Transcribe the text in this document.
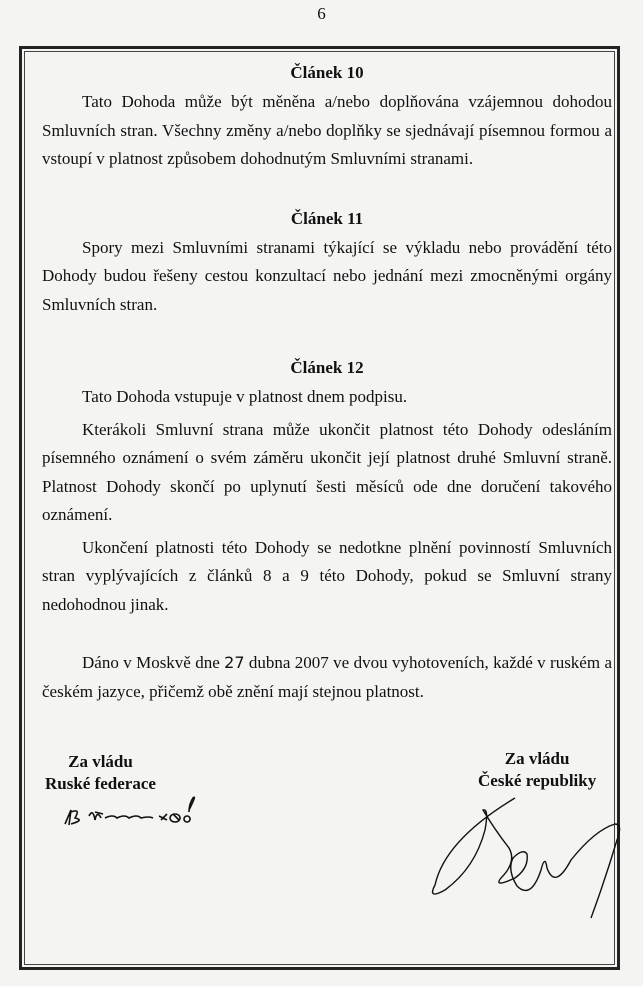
6
Článek 10

Tato Dohoda může být měněna a/nebo doplňována vzájemnou dohodou Smluvních stran. Všechny změny a/nebo doplňky se sjednávají písemnou formou a vstoupí v platnost způsobem dohodnutým Smluvními stranami.

Článek 11

Spory mezi Smluvními stranami týkající se výkladu nebo provádění této Dohody budou řešeny cestou konzultací nebo jednání mezi zmocněnými orgány Smluvních stran.

Článek 12

Tato Dohoda vstupuje v platnost dnem podpisu.

Kterákoli Smluvní strana může ukončit platnost této Dohody odesláním písemného oznámení o svém záměru ukončit její platnost druhé Smluvní straně. Platnost Dohody skončí po uplynutí šesti měsíců ode dne doručení takového oznámení.

Ukončení platnosti této Dohody se nedotkne plnění povinností Smluvních stran vyplývajících z článků 8 a 9 této Dohody, pokud se Smluvní strany nedohodnou jinak.

Dáno v Moskvě dne 27 dubna 2007 ve dvou vyhotoveních, každé v ruském a českém jazyce, přičemž obě znění mají stejnou platnost.

Za vládu
Ruské federace
Za vládu
České republiky
